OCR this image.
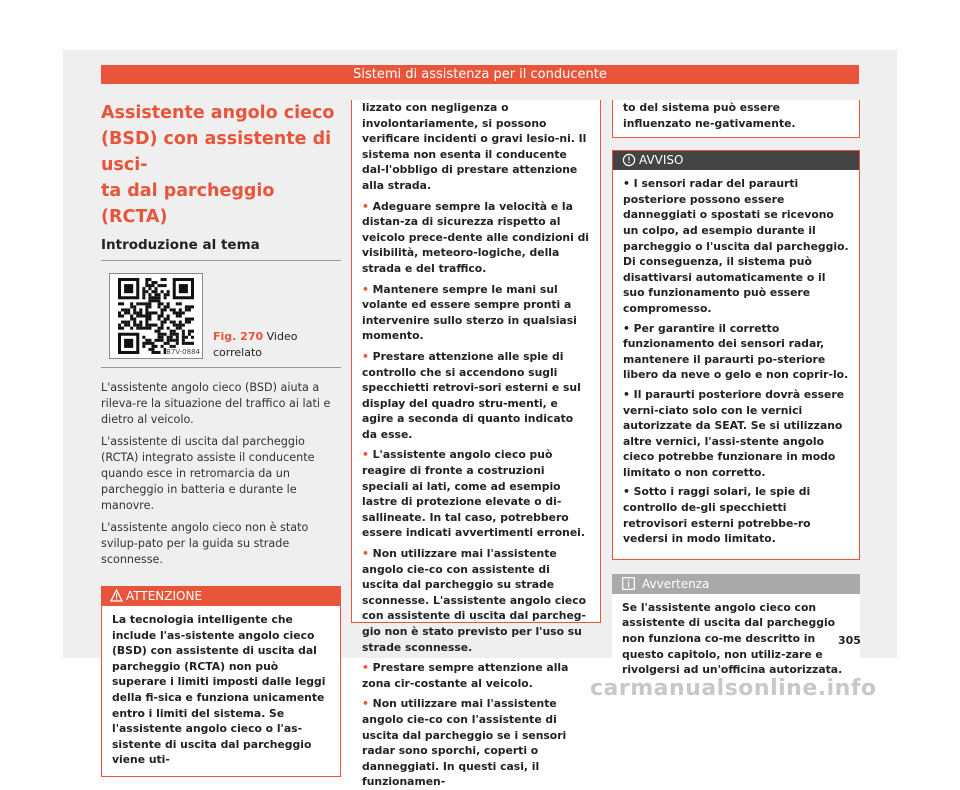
Sistemi di assistenza per il conducente
Assistente angolo cieco
(BSD) con assistente di usci-
ta dal parcheggio (RCTA)
Introduzione al tema
B7V-0884
Fig. 270 Video correlato

L'assistente angolo cieco (BSD) aiuta a rileva-re la situazione del traffico ai lati e dietro al veicolo.

L'assistente di uscita dal parcheggio (RCTA) integrato assiste il conducente quando esce in retromarcia da un parcheggio in batteria e durante le manovre.

L'assistente angolo cieco non è stato svilup-pato per la guida su strade sconnesse.

ATTENZIONE
La tecnologia intelligente che include l'as-sistente angolo cieco (BSD) con assistente di uscita dal parcheggio (RCTA) non può superare i limiti imposti dalle leggi della fi-sica e funziona unicamente entro i limiti del sistema. Se l'assistente angolo cieco o l'as-sistente di uscita dal parcheggio viene uti-
lizzato con negligenza o involontariamente, si possono verificare incidenti o gravi lesio-ni. Il sistema non esenta il conducente dal-l'obbligo di prestare attenzione alla strada.
• Adeguare sempre la velocità e la distan-za di sicurezza rispetto al veicolo prece-dente alle condizioni di visibilità, meteoro-logiche, della strada e del traffico.
• Mantenere sempre le mani sul volante ed essere sempre pronti a intervenire sullo sterzo in qualsiasi momento.
• Prestare attenzione alle spie di controllo che si accendono sugli specchietti retrovi-sori esterni e sul display del quadro stru-menti, e agire a seconda di quanto indicato da esse.
• L'assistente angolo cieco può reagire di fronte a costruzioni speciali ai lati, come ad esempio lastre di protezione elevate o di-sallineate. In tal caso, potrebbero essere indicati avvertimenti erronei.
• Non utilizzare mai l'assistente angolo cie-co con assistente di uscita dal parcheggio su strade sconnesse. L'assistente angolo cieco con assistente di uscita dal parcheg-gio non è stato previsto per l'uso su strade sconnesse.
• Prestare sempre attenzione alla zona cir-costante al veicolo.
• Non utilizzare mai l'assistente angolo cie-co con l'assistente di uscita dal parcheggio se i sensori radar sono sporchi, coperti o danneggiati. In questi casi, il funzionamen-
to del sistema può essere influenzato ne-gativamente.
AVVISO
• I sensori radar del paraurti posteriore possono essere danneggiati o spostati se ricevono un colpo, ad esempio durante il parcheggio o l'uscita dal parcheggio. Di conseguenza, il sistema può disattivarsi automaticamente o il suo funzionamento può essere compromesso.
• Per garantire il corretto funzionamento dei sensori radar, mantenere il paraurti po-steriore libero da neve o gelo e non coprir-lo.
• Il paraurti posteriore dovrà essere verni-ciato solo con le vernici autorizzate da SEAT. Se si utilizzano altre vernici, l'assi-stente angolo cieco potrebbe funzionare in modo limitato o non corretto.
• Sotto i raggi solari, le spie di controllo de-gli specchietti retrovisori esterni potrebbe-ro vedersi in modo limitato.
Avvertenza
Se l'assistente angolo cieco con assistente di uscita dal parcheggio non funziona co-me descritto in questo capitolo, non utiliz-zare e rivolgersi ad un'officina autorizzata.
305
carmanualsonline.info
